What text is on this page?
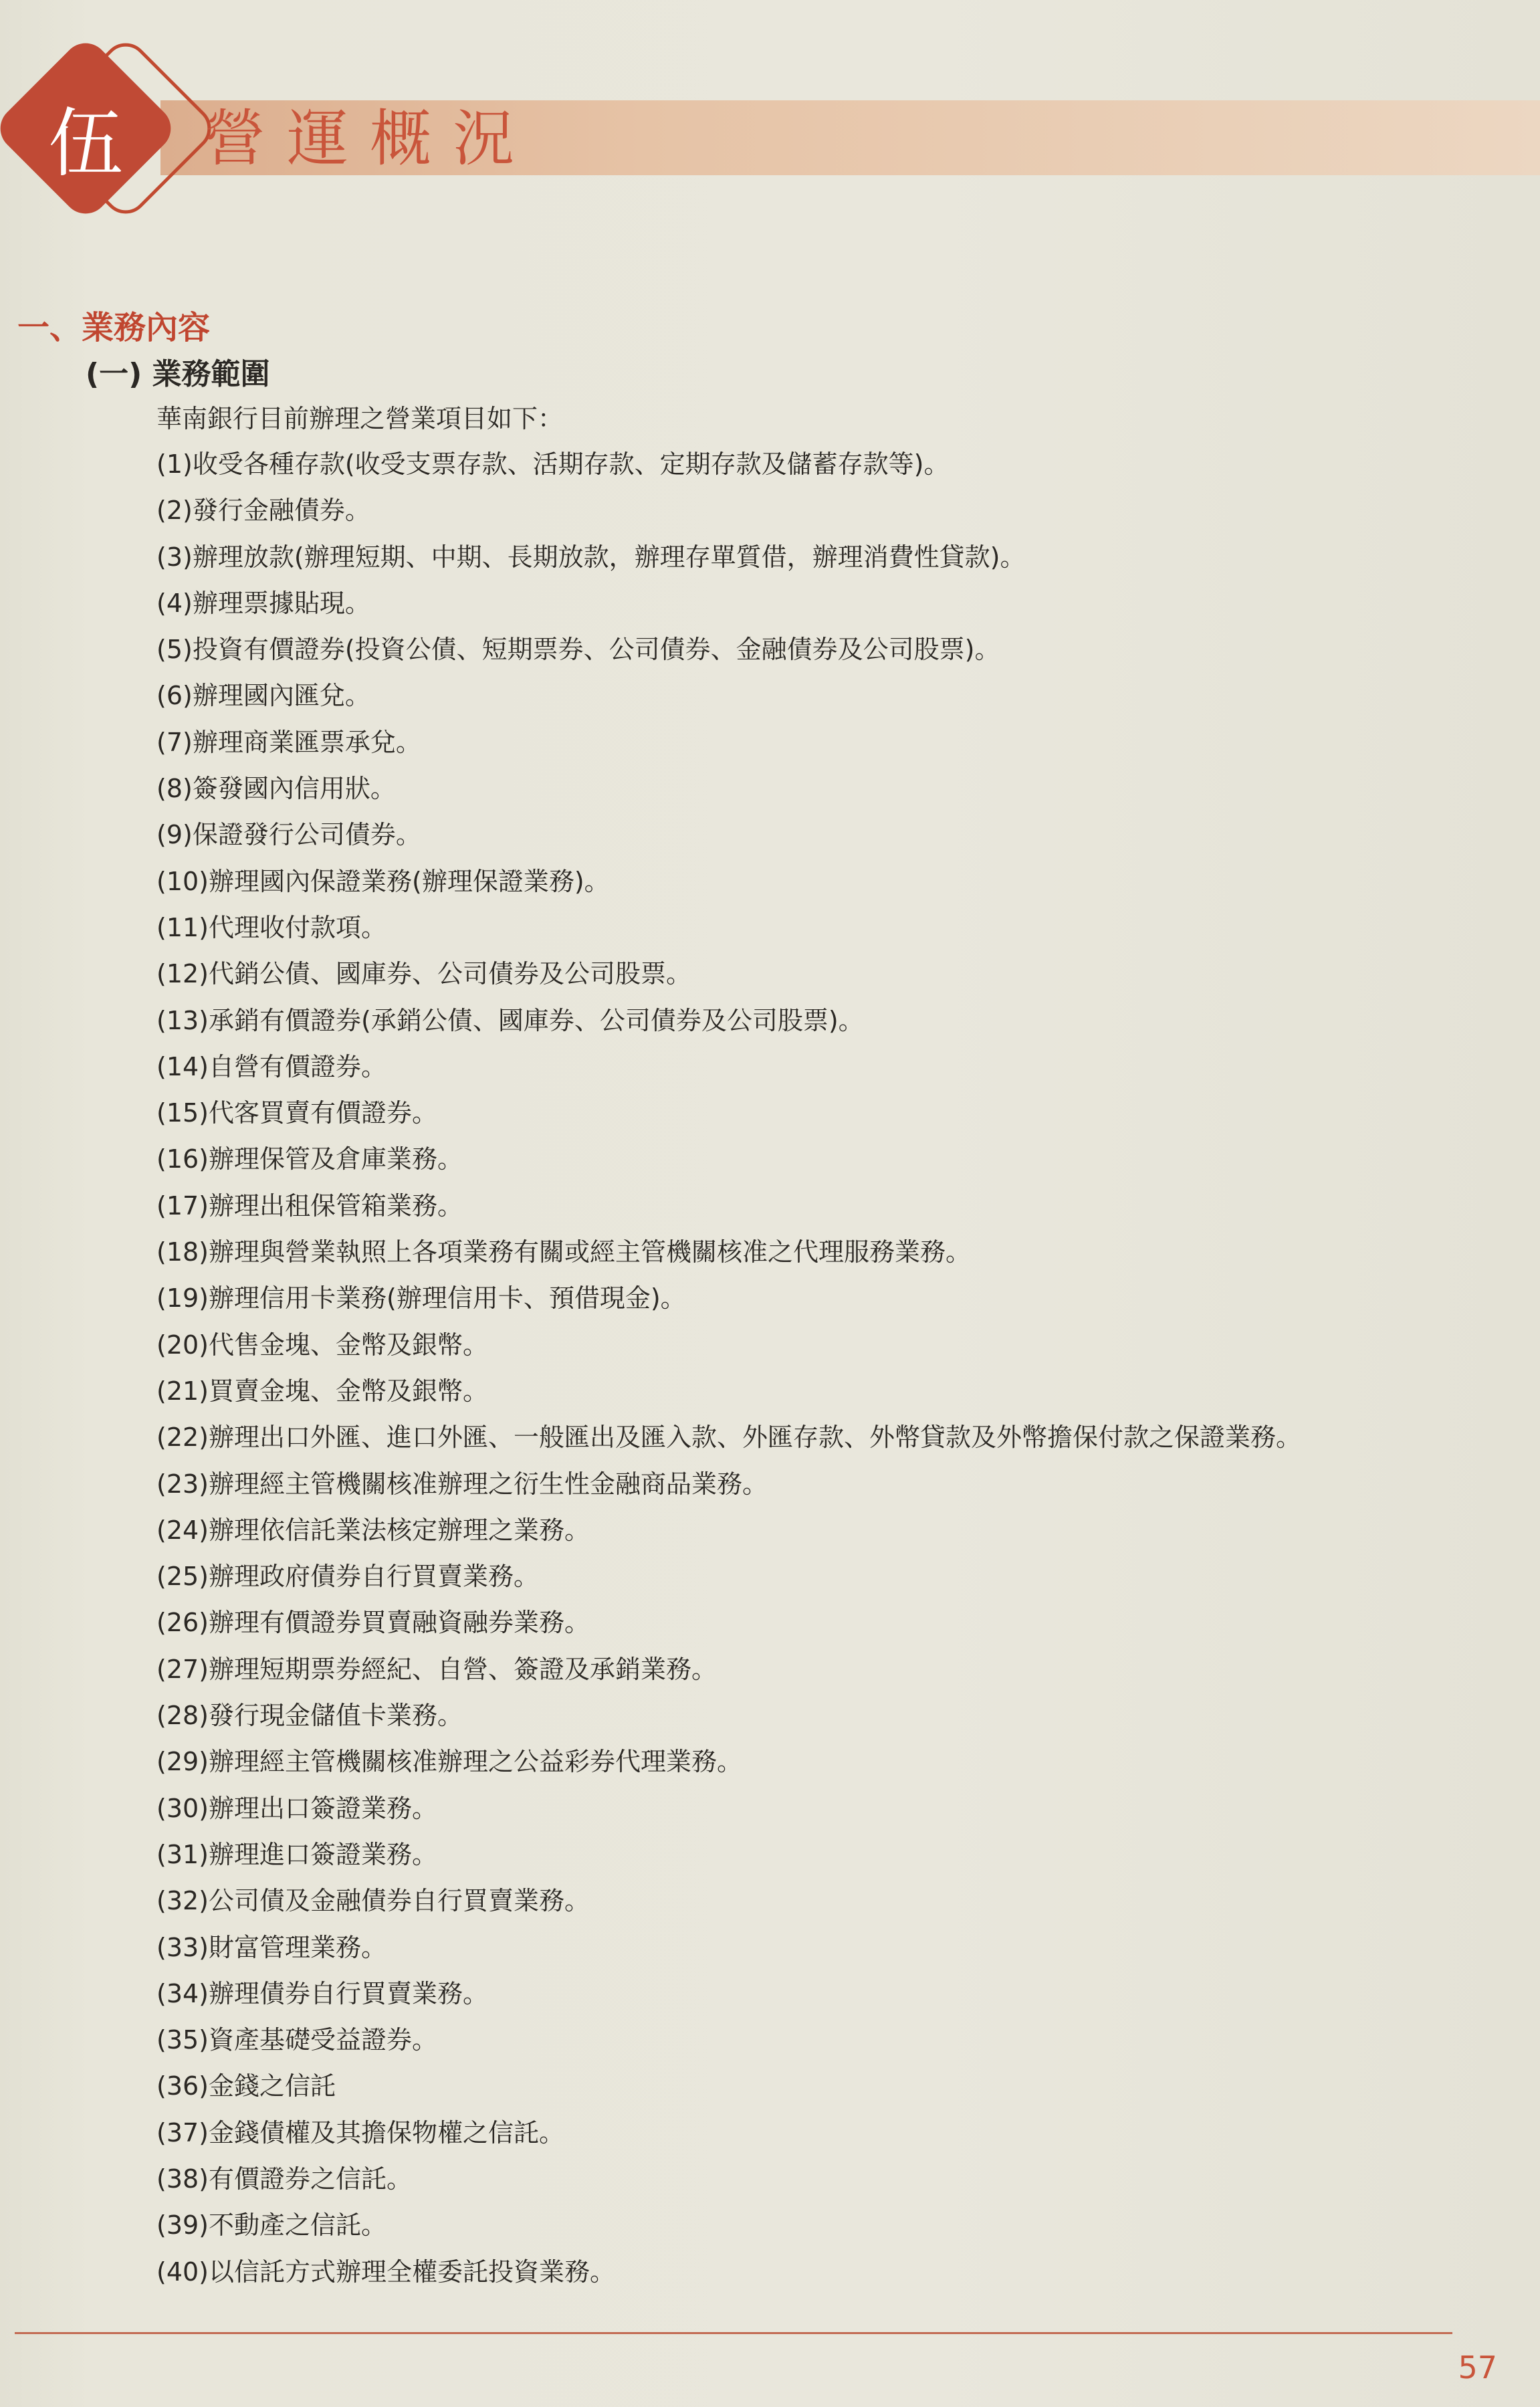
伍	營運概況
一、業務內容
(一) 業務範圍
華南銀行目前辦理之營業項目如下：
(1)收受各種存款(收受支票存款、活期存款、定期存款及儲蓄存款等)。
(2)發行金融債券。
(3)辦理放款(辦理短期、中期、長期放款，辦理存單質借，辦理消費性貸款)。
(4)辦理票據貼現。
(5)投資有價證券(投資公債、短期票券、公司債券、金融債券及公司股票)。
(6)辦理國內匯兌。
(7)辦理商業匯票承兌。
(8)簽發國內信用狀。
(9)保證發行公司債券。
(10)辦理國內保證業務(辦理保證業務)。
(11)代理收付款項。
(12)代銷公債、國庫券、公司債券及公司股票。
(13)承銷有價證券(承銷公債、國庫券、公司債券及公司股票)。
(14)自營有價證券。
(15)代客買賣有價證券。
(16)辦理保管及倉庫業務。
(17)辦理出租保管箱業務。
(18)辦理與營業執照上各項業務有關或經主管機關核准之代理服務業務。
(19)辦理信用卡業務(辦理信用卡、預借現金)。
(20)代售金塊、金幣及銀幣。
(21)買賣金塊、金幣及銀幣。
(22)辦理出口外匯、進口外匯、一般匯出及匯入款、外匯存款、外幣貸款及外幣擔保付款之保證業務。
(23)辦理經主管機關核准辦理之衍生性金融商品業務。
(24)辦理依信託業法核定辦理之業務。
(25)辦理政府債券自行買賣業務。
(26)辦理有價證券買賣融資融券業務。
(27)辦理短期票券經紀、自營、簽證及承銷業務。
(28)發行現金儲值卡業務。
(29)辦理經主管機關核准辦理之公益彩券代理業務。
(30)辦理出口簽證業務。
(31)辦理進口簽證業務。
(32)公司債及金融債券自行買賣業務。
(33)財富管理業務。
(34)辦理債券自行買賣業務。
(35)資產基礎受益證券。
(36)金錢之信託
(37)金錢債權及其擔保物權之信託。
(38)有價證券之信託。
(39)不動產之信託。
(40)以信託方式辦理全權委託投資業務。
57
